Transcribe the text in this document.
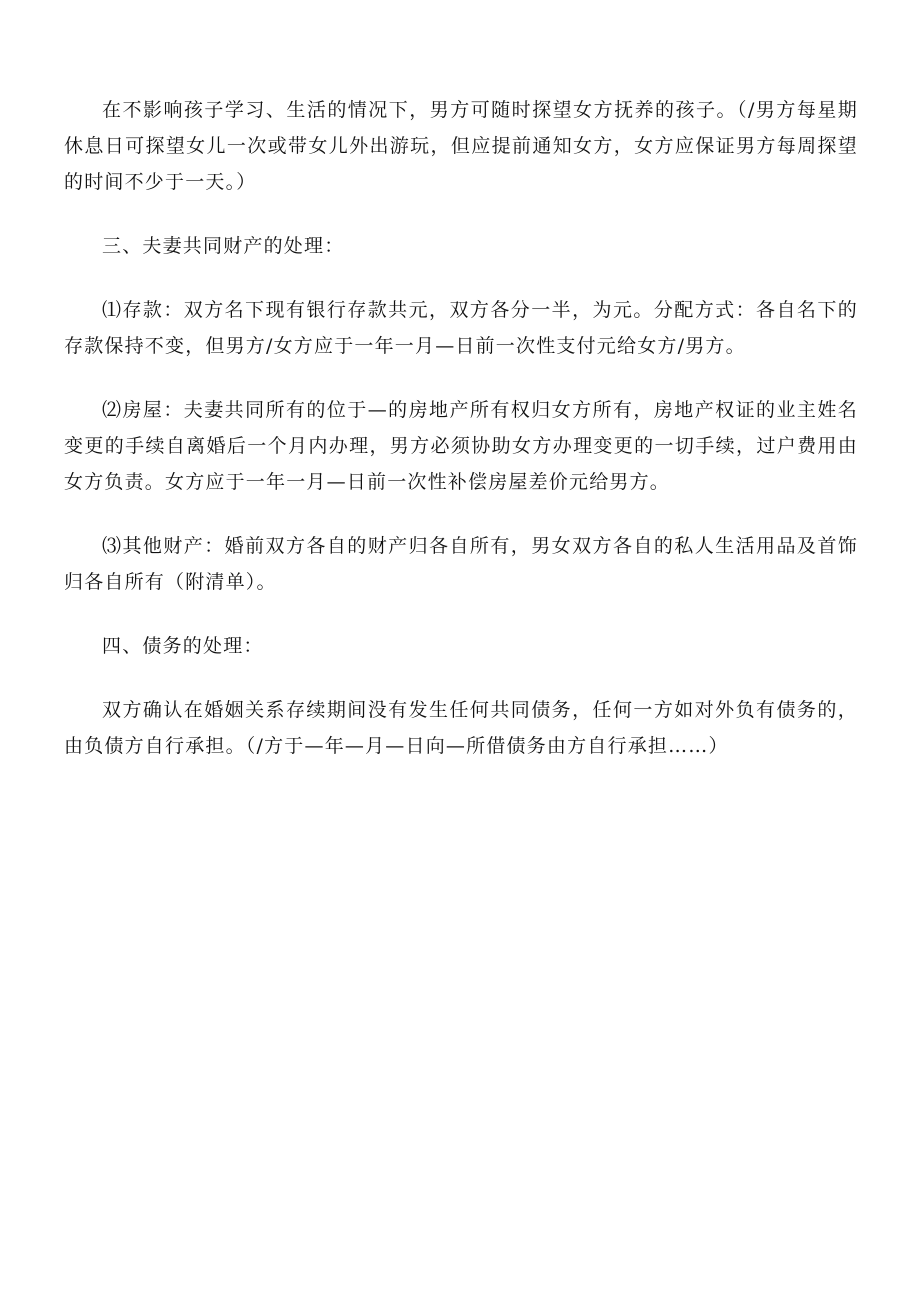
在不影响孩子学习、生活的情况下，男方可随时探望女方抚养的孩子。（/男方每星期休息日可探望女儿一次或带女儿外出游玩，但应提前通知女方，女方应保证男方每周探望的时间不少于一天。）

三、夫妻共同财产的处理：

⑴存款：双方名下现有银行存款共元，双方各分一半，为元。分配方式：各自名下的存款保持不变，但男方/女方应于一年一月—日前一次性支付元给女方/男方。

⑵房屋：夫妻共同所有的位于—的房地产所有权归女方所有，房地产权证的业主姓名变更的手续自离婚后一个月内办理，男方必须协助女方办理变更的一切手续，过户费用由女方负责。女方应于一年一月—日前一次性补偿房屋差价元给男方。

⑶其他财产：婚前双方各自的财产归各自所有，男女双方各自的私人生活用品及首饰归各自所有（附清单）。

四、债务的处理：

双方确认在婚姻关系存续期间没有发生任何共同债务，任何一方如对外负有债务的，由负债方自行承担。（/方于—年—月—日向—所借债务由方自行承担……）
